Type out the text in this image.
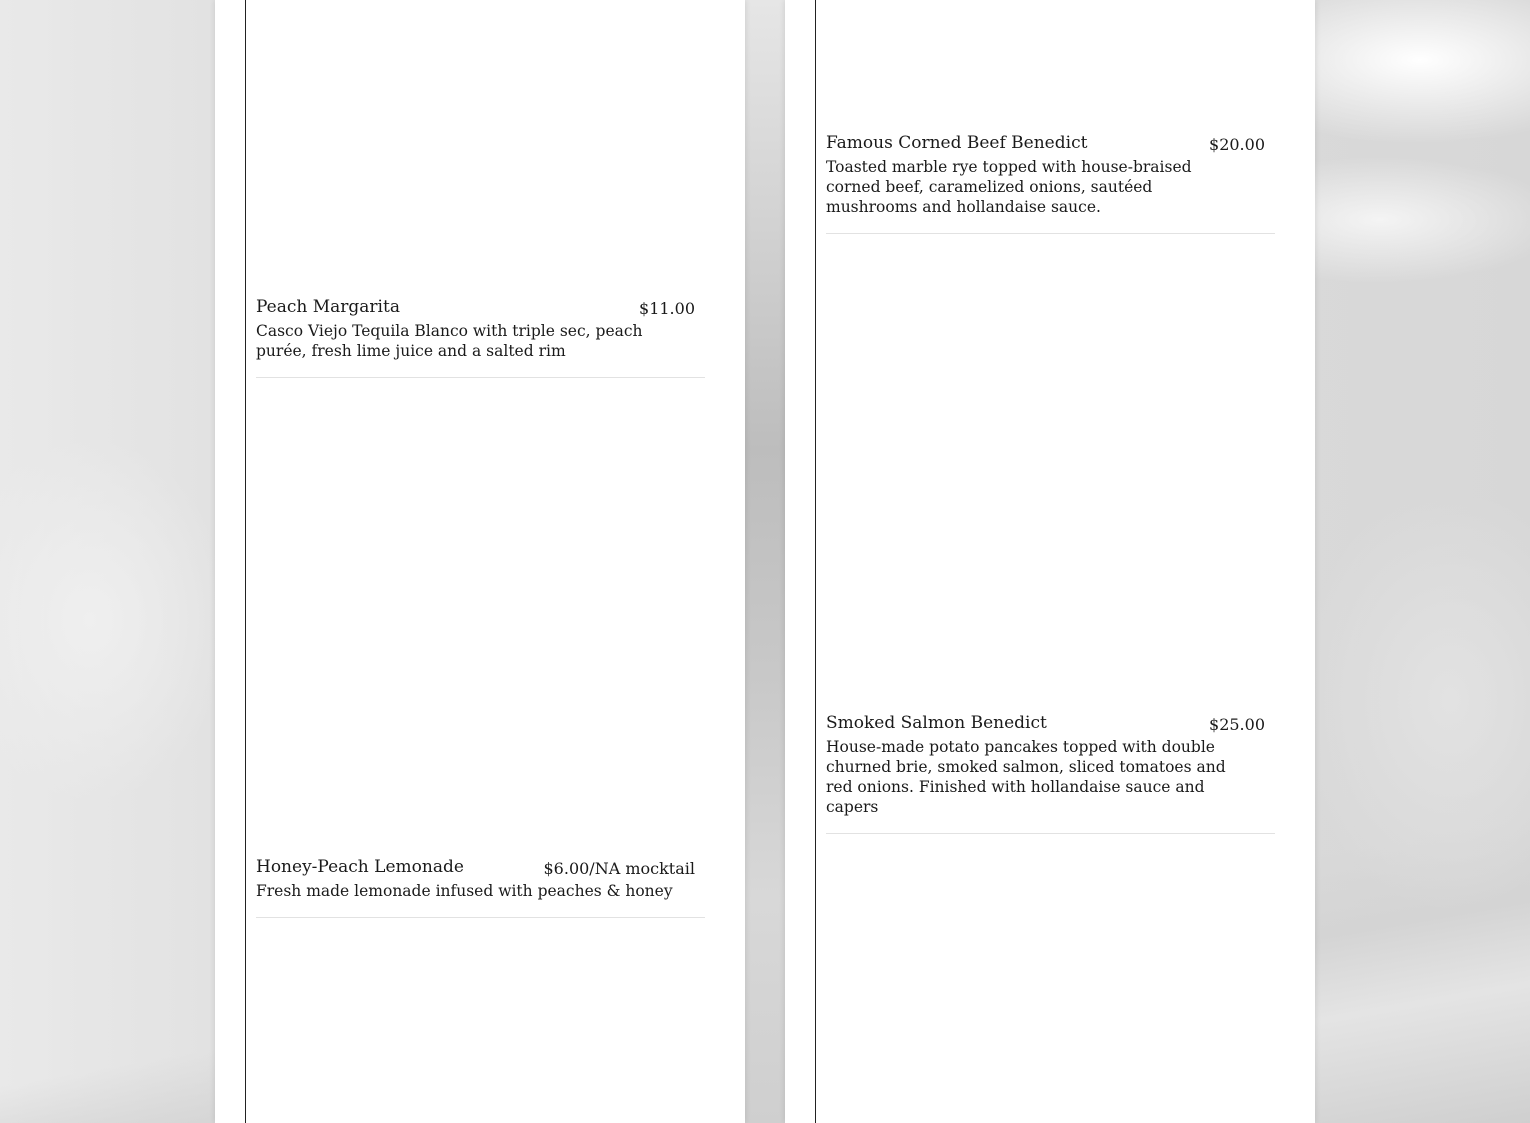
Peach Margarita	$11.00
Casco Viejo Tequila Blanco with triple sec, peach purée, fresh lime juice and a salted rim
Honey-Peach Lemonade	$6.00/NA mocktail
Fresh made lemonade infused with peaches & honey
Famous Corned Beef Benedict	$20.00
Toasted marble rye topped with house-braised corned beef, caramelized onions, sautéed mushrooms and hollandaise sauce.
Smoked Salmon Benedict	$25.00
House-made potato pancakes topped with double churned brie, smoked salmon, sliced tomatoes and red onions. Finished with hollandaise sauce and capers
